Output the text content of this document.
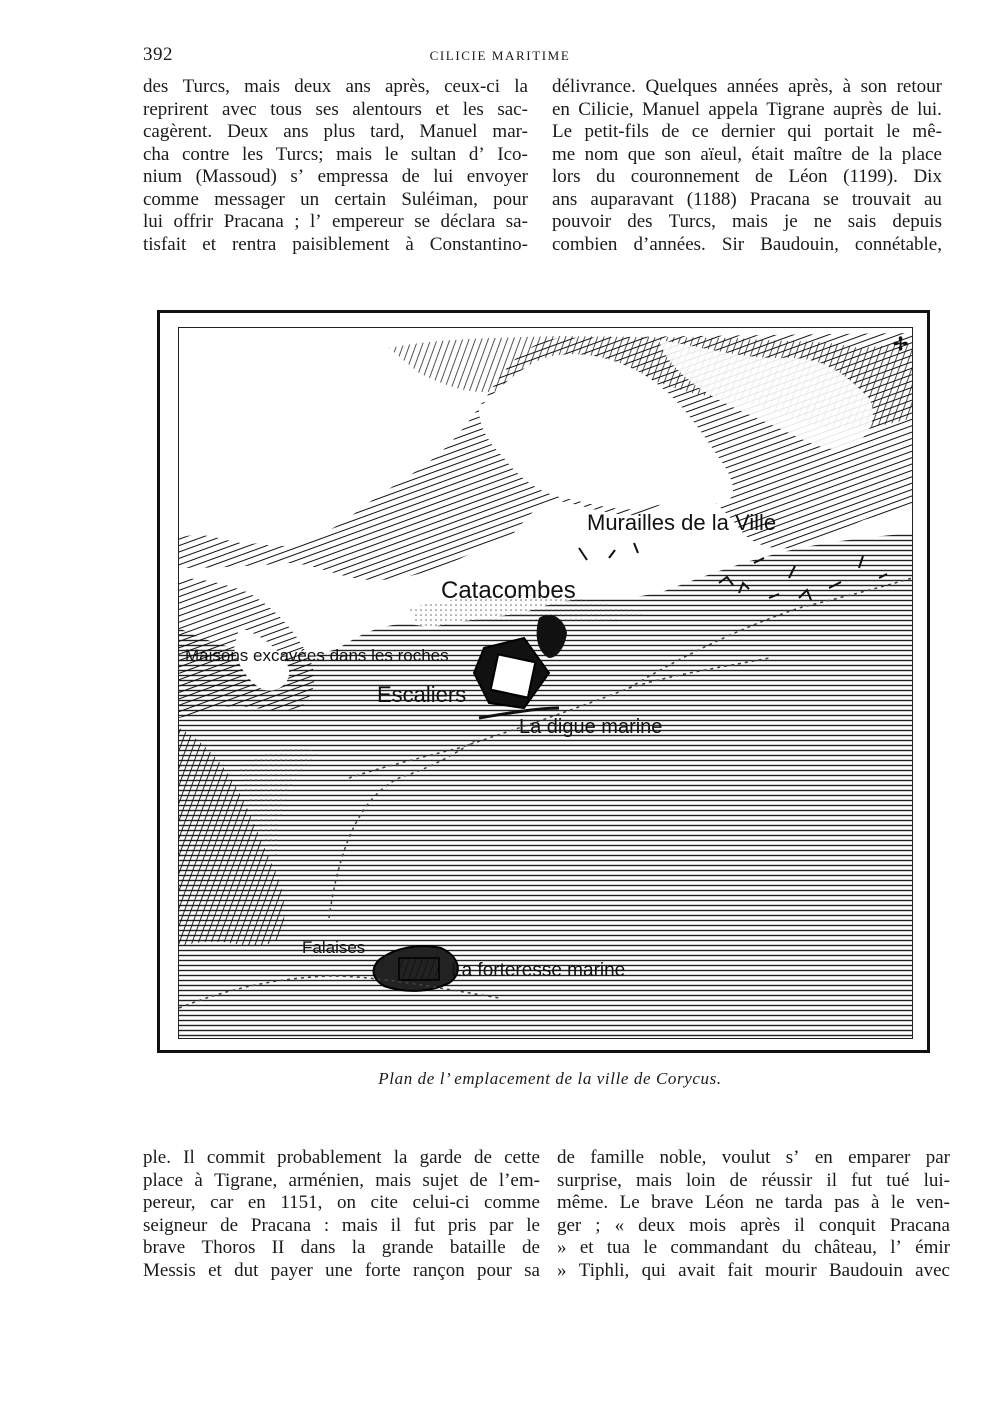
392	CILICIE MARITIME
des Turcs, mais deux ans après, ceux-ci la
reprirent avec tous ses alentours et les sac-
cagèrent. Deux ans plus tard, Manuel mar-
cha contre les Turcs; mais le sultan d’ Ico-
nium (Massoud) s’ empressa de lui envoyer
comme messager un certain Suléiman, pour
lui offrir Pracana ; l’ empereur se déclara sa-
tisfait et rentra paisiblement à Constantino-
délivrance. Quelques années après, à son retour
en Cilicie, Manuel appela Tigrane auprès de lui.
Le petit-fils de ce dernier qui portait le mê-
me nom que son aïeul, était maître de la place
lors du couronnement de Léon (1199). Dix
ans auparavant (1188) Pracana se trouvait au
pouvoir des Turcs, mais je ne sais depuis
combien d’années. Sir Baudouin, connétable,
Murailles de la Ville
Catacombes
Maisons excavées dans les roches
Escaliers
La digue marine
Falaises
La forteresse marine
✢
Plan de l’ emplacement de la ville de Corycus.
ple. Il commit probablement la garde de cette
place à Tigrane, arménien, mais sujet de l’em-
pereur, car en 1151, on cite celui-ci comme
seigneur de Pracana : mais il fut pris par le
brave Thoros II dans la grande bataille de
Messis et dut payer une forte rançon pour sa
de famille noble, voulut s’ en emparer par
surprise, mais loin de réussir il fut tué lui-
même. Le brave Léon ne tarda pas à le ven-
ger ; « deux mois après il conquit Pracana
» et tua le commandant du château, l’ émir
» Tiphli, qui avait fait mourir Baudouin avec
